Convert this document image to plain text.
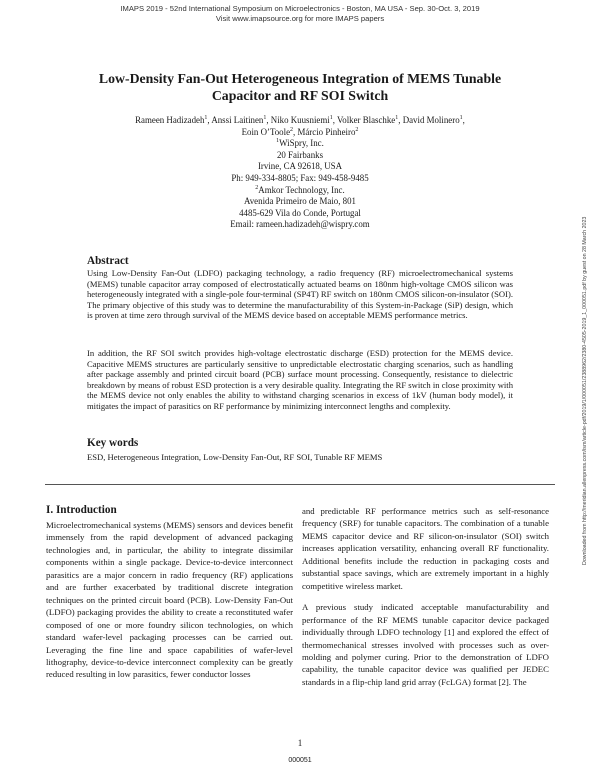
IMAPS 2019 - 52nd International Symposium on Microelectronics - Boston, MA USA - Sep. 30-Oct. 3, 2019
Visit www.imapsource.org for more IMAPS papers
Low-Density Fan-Out Heterogeneous Integration of MEMS Tunable
Capacitor and RF SOI Switch
Rameen Hadizadeh$^1$, Anssi Laitinen$^1$, Niko Kuusniemi$^1$, Volker Blaschke$^1$, David Molinero$^1$,
Eoin O’Toole$^2$, Márcio Pinheiro$^2$
$^1$WiSpry, Inc.
20 Fairbanks
Irvine, CA 92618, USA
Ph: 949-334-8805; Fax: 949-458-9485
$^2$Amkor Technology, Inc.
Avenida Primeiro de Maio, 801
4485-629 Vila do Conde, Portugal
Email: rameen.hadizadeh@wispry.com
Abstract
Using Low-Density Fan-Out (LDFO) packaging technology, a radio frequency (RF) microelectromechanical systems (MEMS) tunable capacitor array composed of electrostatically actuated beams on 180nm high-voltage CMOS silicon was heterogeneously integrated with a single-pole four-terminal (SP4T) RF switch on 180nm CMOS silicon-on-insulator (SOI). The primary objective of this study was to determine the manufacturability of this System-in-Package (SiP) design, which is proven at time zero through survival of the MEMS device based on acceptable MEMS performance metrics.
In addition, the RF SOI switch provides high-voltage electrostatic discharge (ESD) protection for the MEMS device. Capacitive MEMS structures are particularly sensitive to unpredictable electrostatic charging scenarios, such as handling after package assembly and printed circuit board (PCB) surface mount processing. Consequently, resistance to dielectric breakdown by means of robust ESD protection is a very desirable quality. Integrating the RF switch in close proximity with the MEMS device not only enables the ability to withstand charging scenarios in excess of 1kV (human body model), it mitigates the impact of parasitics on RF performance by minimizing interconnect lengths and complexity.
Key words
ESD, Heterogeneous Integration, Low-Density Fan-Out, RF SOI, Tunable RF MEMS
I. Introduction

Microelectromechanical systems (MEMS) sensors and devices benefit immensely from the rapid development of advanced packaging technologies and, in particular, the ability to integrate dissimilar components within a single package. Device-to-device interconnect parasitics are a major concern in radio frequency (RF) applications and are further exacerbated by traditional discrete integration techniques on the printed circuit board (PCB). Low-Density Fan-Out (LDFO) packaging provides the ability to create a reconstituted wafer composed of one or more foundry silicon technologies, on which standard wafer-level packaging processes can be carried out. Leveraging the fine line and space capabilities of wafer-level lithography, device-to-device interconnect complexity can be greatly reduced resulting in low parasitics, fewer conductor losses

and predictable RF performance metrics such as self-resonance frequency (SRF) for tunable capacitors. The combination of a tunable MEMS capacitor device and RF silicon-on-insulator (SOI) switch increases application versatility, enhancing overall RF functionality. Additional benefits include the reduction in packaging costs and substantial space savings, which are extremely important in a highly competitive wireless market.

A previous study indicated acceptable manufacturability and performance of the RF MEMS tunable capacitor device packaged individually through LDFO technology [1] and explored the effect of thermomechanical stresses involved with processes such as over-molding and polymer curing. Prior to the demonstration of LDFO capability, the tunable capacitor device was qualified per JEDEC standards in a flip-chip land grid array (FcLGA) format [2]. The

Downloaded from http://meridian.allenpress.com/ism/article-pdf/2019/1/000051/2388962/2380-4505-2019_1_000051.pdf by guest on 28 March 2023
1
000051
